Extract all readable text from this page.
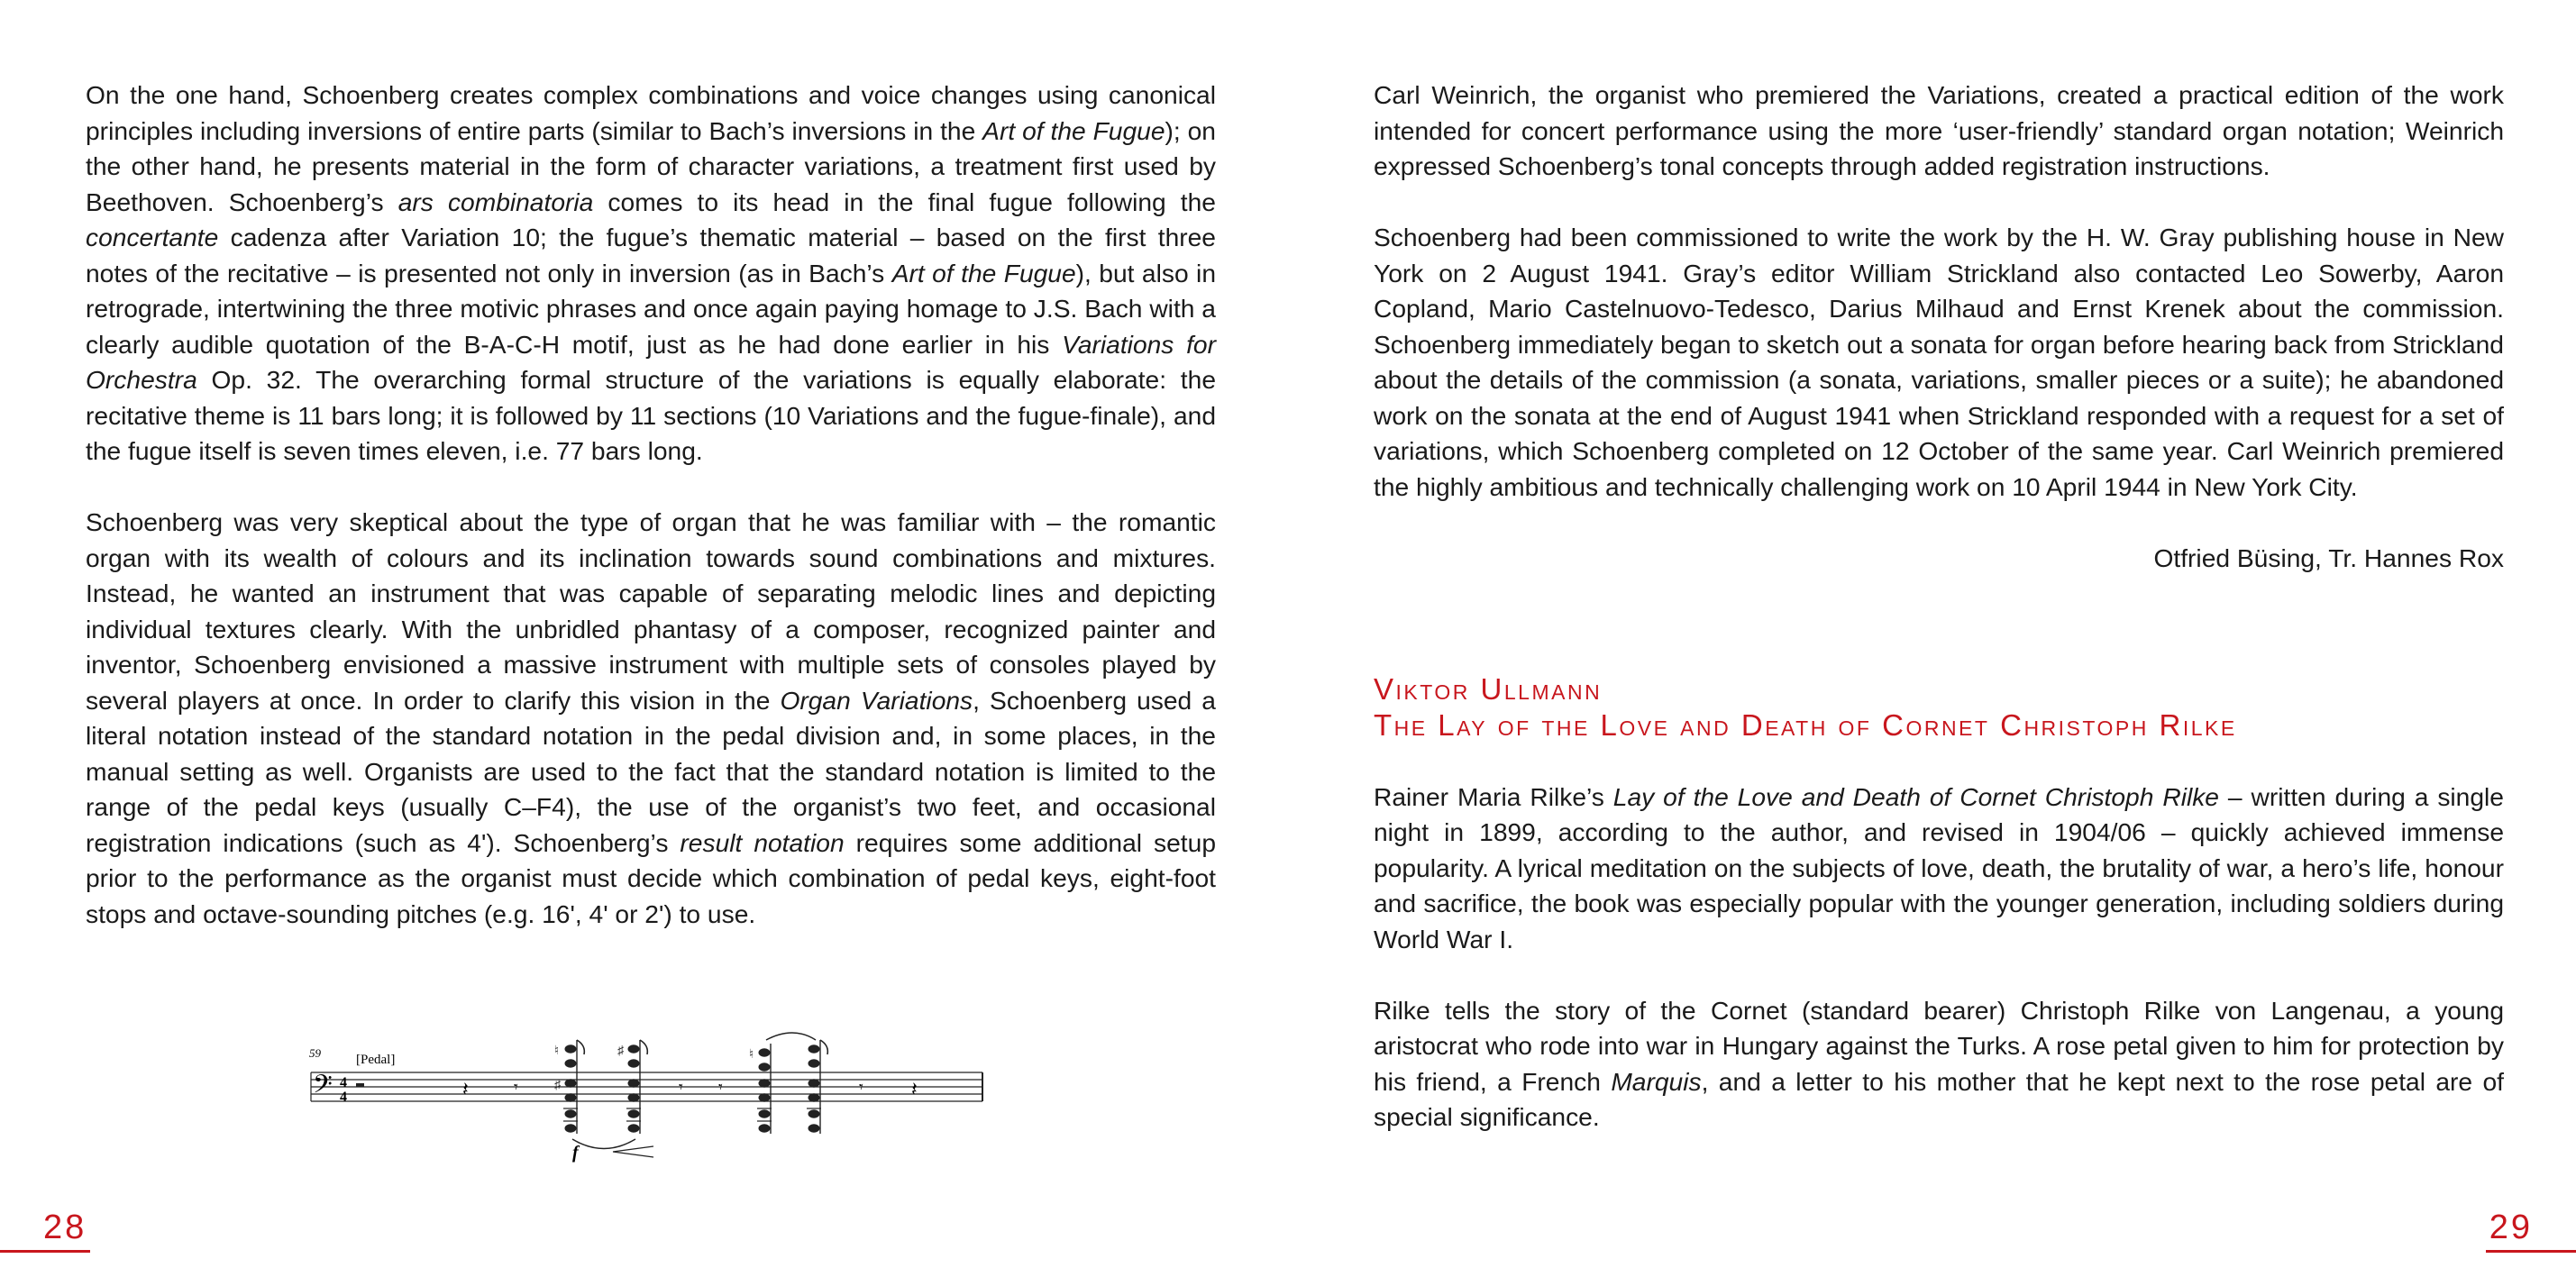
On the one hand, Schoenberg creates complex combinations and voice changes using canonical principles including inversions of entire parts (similar to Bach’s inversions in the Art of the Fugue); on the other hand, he presents material in the form of character variations, a treatment first used by Beethoven. Schoenberg’s ars combinatoria comes to its head in the final fugue following the concertante cadenza after Variation 10; the fugue’s thematic material – based on the first three notes of the recitative – is presented not only in inversion (as in Bach’s Art of the Fugue), but also in retrograde, intertwining the three motivic phrases and once again paying homage to J.S. Bach with a clearly audible quotation of the B-A-C-H motif, just as he had done earlier in his Variations for Orchestra Op. 32. The overarching formal structure of the variations is equally elaborate: the recitative theme is 11 bars long; it is followed by 11 sections (10 Variations and the fugue-finale), and the fugue itself is seven times eleven, i.e. 77 bars long.

Schoenberg was very skeptical about the type of organ that he was familiar with – the romantic organ with its wealth of colours and its inclination towards sound combinations and mixtures. Instead, he wanted an instrument that was capable of separating melodic lines and depicting individual textures clearly. With the unbridled phantasy of a composer, recognized painter and inventor, Schoenberg envisioned a massive instrument with multiple sets of consoles played by several players at once. In order to clarify this vision in the Organ Variations, Schoenberg used a literal notation instead of the standard notation in the pedal division and, in some places, in the manual setting as well. Organists are used to the fact that the standard notation is limited to the range of the pedal keys (usually C–F4), the use of the organist’s two feet, and occasional registration indications (such as 4'). Schoenberg’s result notation requires some additional setup prior to the performance as the organist must decide which combination of pedal keys, eight-foot stops and octave-sounding pitches (e.g. 16', 4' or 2') to use.

59	[Pedal]
𝄢 4
4	𝄽	𝄾
♮
♯
♯
f
𝄾 𝄾
♮
𝄾 𝄽
28

Carl Weinrich, the organist who premiered the Variations, created a practical edition of the work intended for concert performance using the more ‘user-friendly’ standard organ notation; Weinrich expressed Schoenberg’s tonal concepts through added registration instructions.

Schoenberg had been commissioned to write the work by the H. W. Gray publishing house in New York on 2 August 1941. Gray’s editor William Strickland also contacted Leo Sowerby, Aaron Copland, Mario Castelnuovo-Tedesco, Darius Milhaud and Ernst Krenek about the commission. Schoenberg immediately began to sketch out a sonata for organ before hearing back from Strickland about the details of the commission (a sonata, variations, smaller pieces or a suite); he abandoned work on the sonata at the end of August 1941 when Strickland responded with a request for a set of variations, which Schoenberg completed on 12 October of the same year. Carl Weinrich premiered the highly ambitious and technically challenging work on 10 April 1944 in New York City.

Otfried Büsing, Tr. Hannes Rox

Viktor Ullmann
The Lay of the Love and Death of Cornet Christoph Rilke

Rainer Maria Rilke’s Lay of the Love and Death of Cornet Christoph Rilke – written during a single night in 1899, according to the author, and revised in 1904/06 – quickly achieved immense popularity. A lyrical meditation on the subjects of love, death, the brutality of war, a hero’s life, honour and sacrifice, the book was especially popular with the younger generation, including soldiers during World War I.

Rilke tells the story of the Cornet (standard bearer) Christoph Rilke von Langenau, a young aristocrat who rode into war in Hungary against the Turks. A rose petal given to him for protection by his friend, a French Marquis, and a letter to his mother that he kept next to the rose petal are of special significance.

29
